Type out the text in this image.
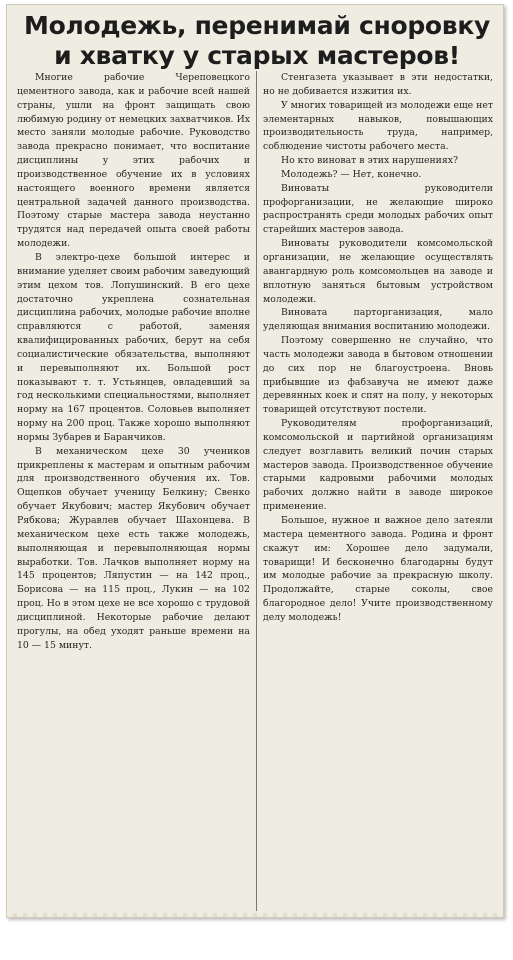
Молодежь, перенимай сноровку
и хватку у старых мастеров!

Многие рабочие Череповецкого цементного завода, как и рабочие всей нашей страны, ушли на фронт защищать свою любимую родину от немецких захватчиков. Их место заняли молодые рабочие. Руководство завода прекрасно понимает, что воспитание дисциплины у этих рабочих и производственное обучение их в условиях настоящего военного времени является центральной задачей данного производства. Поэтому старые мастера завода неустанно трудятся над передачей опыта своей работы молодежи.

В электро-цехе большой интерес и внимание уделяет своим рабочим заведующий этим цехом тов. Лопушинский. В его цехе достаточно укреплена сознательная дисциплина рабочих, молодые рабочие вполне справляются с работой, заменяя квалифицированных рабочих, берут на себя социалистические обязательства, выполняют и перевыполняют их. Большой рост показывают т. т. Устьянцев, овладевший за год несколькими специальностями, выполняет норму на 167 процентов. Соловьев выполняет норму на 200 проц. Также хорошо выполняют нормы Зубарев и Баранчиков.

В механическом цехе 30 учеников прикреплены к мастерам и опытным рабочим для производственного обучения их. Тов. Ощепков обучает ученицу Белкину; Свенко обучает Якубович; мастер Якубович обучает Рябкова; Журавлев обучает Шахонцева. В механическом цехе есть также молодежь, выполняющая и перевыполняющая нормы выработки. Тов. Лачков выполняет норму на 145 процентов; Ляпустин — на 142 проц., Борисова — на 115 проц., Лукин — на 102 проц. Но в этом цехе не все хорошо с трудовой дисциплиной. Некоторые рабочие делают прогулы, на обед уходят раньше времени на 10 — 15 минут.

Стенгазета указывает в эти недостатки, но не добивается изжития их.

У многих товарищей из молодежи еще нет элементарных навыков, повышающих производительность труда, например, соблюдение чистоты рабочего места.

Но кто виноват в этих нарушениях?

Молодежь? — Нет, конечно.

Виноваты руководители профорганизации, не желающие широко распространять среди молодых рабочих опыт старейших мастеров завода.

Виноваты руководители комсомольской организации, не желающие осуществлять авангардную роль комсомольцев на заводе и вплотную заняться бытовым устройством молодежи.

Виновата парторганизация, мало уделяющая внимания воспитанию молодежи.

Поэтому совершенно не случайно, что часть молодежи завода в бытовом отношении до сих пор не благоустроена. Вновь прибывшие из фабзавуча не имеют даже деревянных коек и спят на полу, у некоторых товарищей отсутствуют постели.

Руководителям профорганизаций, комсомольской и партийной организациям следует возглавить великий почин старых мастеров завода. Производственное обучение старыми кадровыми рабочими молодых рабочих должно найти в заводе широкое применение.

Большое, нужное и важное дело затеяли мастера цементного завода. Родина и фронт скажут им: Хорошее дело задумали, товарищи! И бесконечно благодарны будут им молодые рабочие за прекрасную школу. Продолжайте, старые соколы, свое благородное дело! Учите производственному делу молодежь!
